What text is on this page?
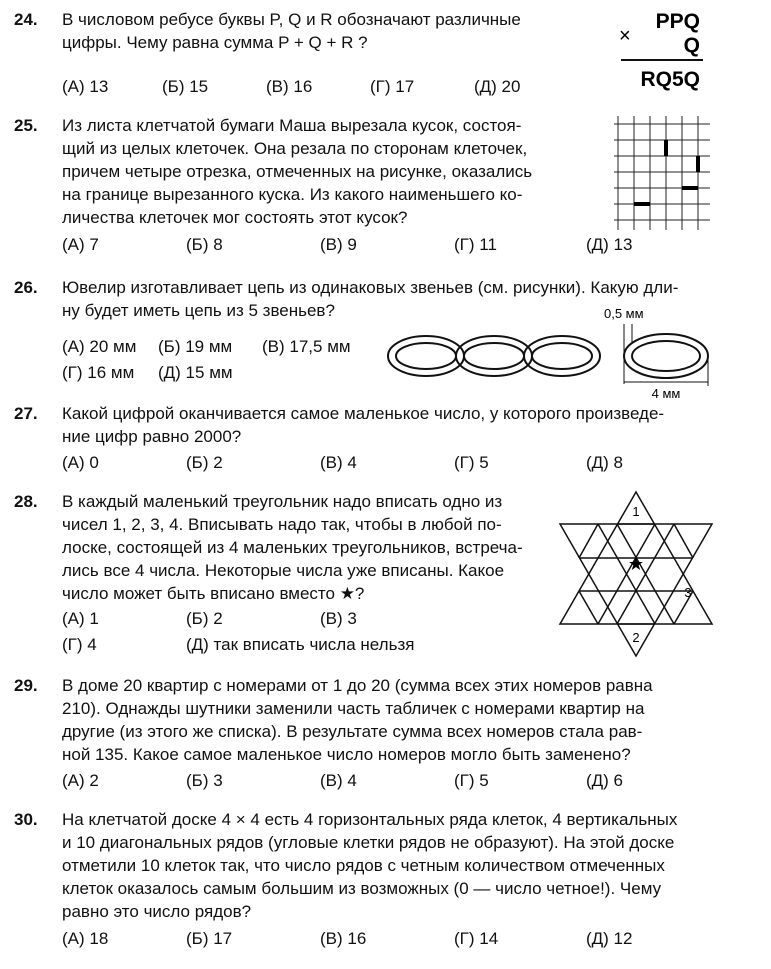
24. В числовом ребусе буквы P, Q и R обозначают различные
цифры. Чему равна сумма P + Q + R ?
(А) 13	(Б) 15	(В) 16	(Г) 17	(Д) 20
×
PPQ
Q
RQ5Q
25. Из листа клетчатой бумаги Маша вырезала кусок, состоя-
щий из целых клеточек. Она резала по сторонам клеточек,
причем четыре отрезка, отмеченных на рисунке, оказались
на границе вырезанного куска. Из какого наименьшего ко-
личества клеточек мог состоять этот кусок?
(А) 7	(Б) 8	(В) 9	(Г) 11	(Д) 13
26. Ювелир изготавливает цепь из одинаковых звеньев (см. рисунки). Какую дли-
ну будет иметь цепь из 5 звеньев?
(А) 20 мм (Б) 19 мм (В) 17,5 мм
(Г) 16 мм (Д) 15 мм
0,5 мм
4 мм
27. Какой цифрой оканчивается самое маленькое число, у которого произведе-
ние цифр равно 2000?
(А) 0	(Б) 2	(В) 4	(Г) 5	(Д) 8
28. В каждый маленький треугольник надо вписать одно из
чисел 1, 2, 3, 4. Вписывать надо так, чтобы в любой по-
лоске, состоящей из 4 маленьких треугольников, встреча-
лись все 4 числа. Некоторые числа уже вписаны. Какое
число может быть вписано вместо ★?
(А) 1	(Б) 2	(В) 3
(Г) 4	(Д) так вписать числа нельзя
1
3
2
★
29. В доме 20 квартир с номерами от 1 до 20 (сумма всех этих номеров равна
210). Однажды шутники заменили часть табличек с номерами квартир на
другие (из этого же списка). В результате сумма всех номеров стала рав-
ной 135. Какое самое маленькое число номеров могло быть заменено?
(А) 2	(Б) 3	(В) 4	(Г) 5	(Д) 6
30. На клетчатой доске 4 × 4 есть 4 горизонтальных ряда клеток, 4 вертикальных
и 10 диагональных рядов (угловые клетки рядов не образуют). На этой доске
отметили 10 клеток так, что число рядов с четным количеством отмеченных
клеток оказалось самым большим из возможных (0 — число четное!). Чему
равно это число рядов?
(А) 18	(Б) 17	(В) 16	(Г) 14	(Д) 12
